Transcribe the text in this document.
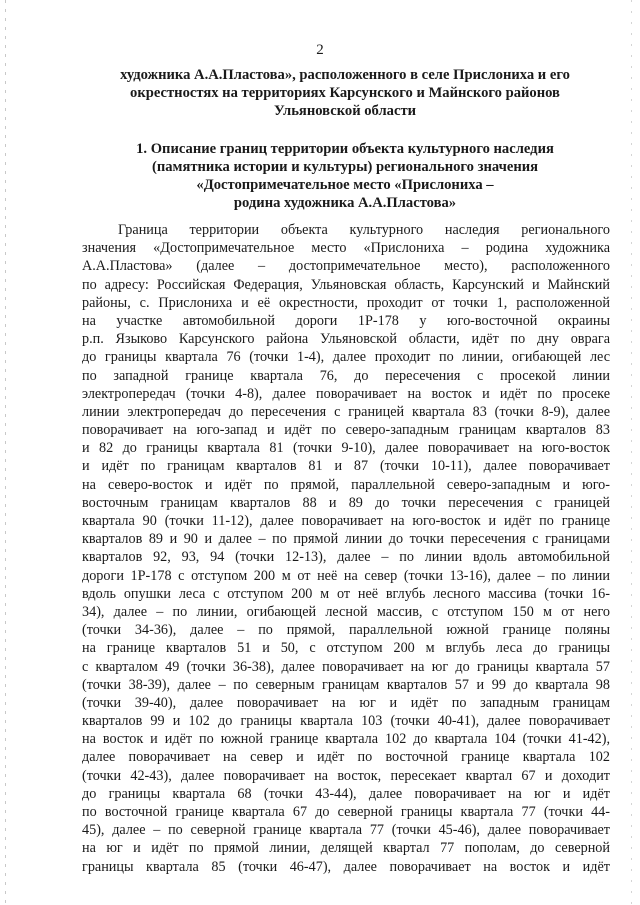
2
художника А.А.Пластова», расположенного в селе Прислониха и его
окрестностях на территориях Карсунского и Майнского районов
Ульяновской области
1. Описание границ территории объекта культурного наследия
(памятника истории и культуры) регионального значения
«Достопримечательное место «Прислониха –
родина художника А.А.Пластова»
Граница территории объекта культурного наследия регионального
значения «Достопримечательное место «Прислониха – родина художника
А.А.Пластова» (далее – достопримечательное место), расположенного
по адресу: Российская Федерация, Ульяновская область, Карсунский и Майнский
районы, с. Прислониха и её окрестности, проходит от точки 1, расположенной
на участке автомобильной дороги 1Р-178 у юго-восточной окраины
р.п. Языково Карсунского района Ульяновской области, идёт по дну оврага
до границы квартала 76 (точки 1-4), далее проходит по линии, огибающей лес
по западной границе квартала 76, до пересечения с просекой линии
электропередач (точки 4-8), далее поворачивает на восток и идёт по просеке
линии электропередач до пересечения с границей квартала 83 (точки 8-9), далее
поворачивает на юго-запад и идёт по северо-западным границам кварталов 83
и 82 до границы квартала 81 (точки 9-10), далее поворачивает на юго-восток
и идёт по границам кварталов 81 и 87 (точки 10-11), далее поворачивает
на северо-восток и идёт по прямой, параллельной северо-западным и юго-
восточным границам кварталов 88 и 89 до точки пересечения с границей
квартала 90 (точки 11-12), далее поворачивает на юго-восток и идёт по границе
кварталов 89 и 90 и далее – по прямой линии до точки пересечения с границами
кварталов 92, 93, 94 (точки 12-13), далее – по линии вдоль автомобильной
дороги 1Р-178 с отступом 200 м от неё на север (точки 13-16), далее – по линии
вдоль опушки леса с отступом 200 м от неё вглубь лесного массива (точки 16-
34), далее – по линии, огибающей лесной массив, с отступом 150 м от него
(точки 34-36), далее – по прямой, параллельной южной границе поляны
на границе кварталов 51 и 50, с отступом 200 м вглубь леса до границы
с кварталом 49 (точки 36-38), далее поворачивает на юг до границы квартала 57
(точки 38-39), далее – по северным границам кварталов 57 и 99 до квартала 98
(точки 39-40), далее поворачивает на юг и идёт по западным границам
кварталов 99 и 102 до границы квартала 103 (точки 40-41), далее поворачивает
на восток и идёт по южной границе квартала 102 до квартала 104 (точки 41-42),
далее поворачивает на север и идёт по восточной границе квартала 102
(точки 42-43), далее поворачивает на восток, пересекает квартал 67 и доходит
до границы квартала 68 (точки 43-44), далее поворачивает на юг и идёт
по восточной границе квартала 67 до северной границы квартала 77 (точки 44-
45), далее – по северной границе квартала 77 (точки 45-46), далее поворачивает
на юг и идёт по прямой линии, делящей квартал 77 пополам, до северной
границы квартала 85 (точки 46-47), далее поворачивает на восток и идёт
